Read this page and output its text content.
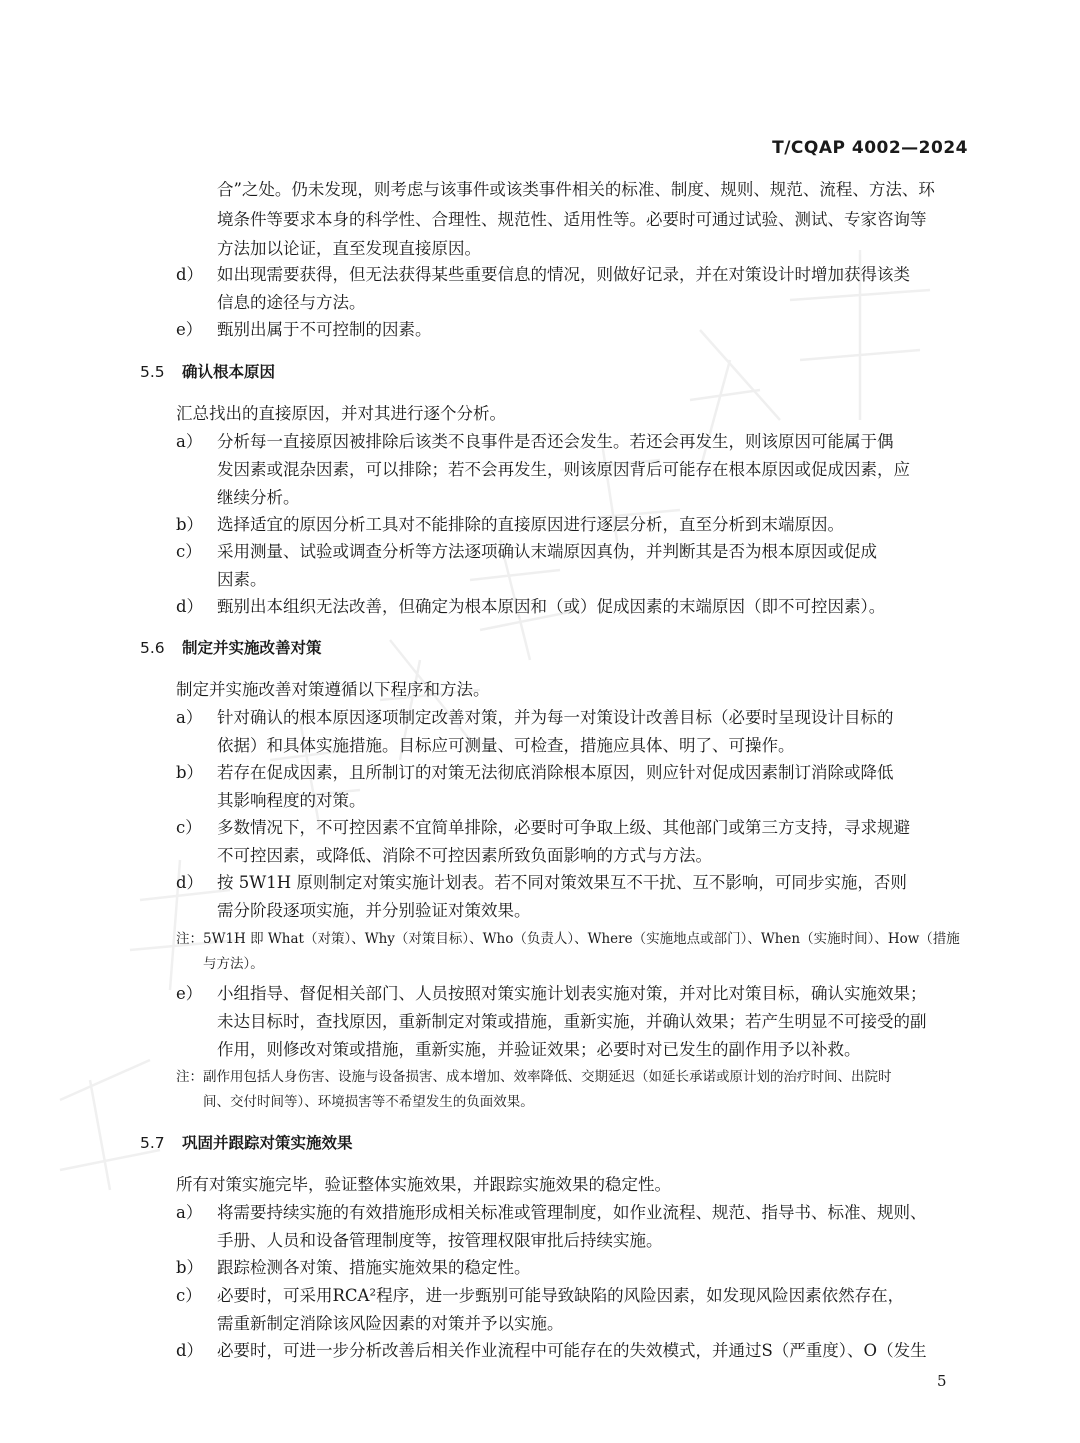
T/CQAP 4002—2024
合”之处。仍未发现，则考虑与该事件或该类事件相关的标准、制度、规则、规范、流程、方法、环
境条件等要求本身的科学性、合理性、规范性、适用性等。必要时可通过试验、测试、专家咨询等
方法加以论证，直至发现直接原因。
d） 如出现需要获得，但无法获得某些重要信息的情况，则做好记录，并在对策设计时增加获得该类
信息的途径与方法。
e） 甄别出属于不可控制的因素。
5.5 确认根本原因
汇总找出的直接原因，并对其进行逐个分析。
a） 分析每一直接原因被排除后该类不良事件是否还会发生。若还会再发生，则该原因可能属于偶
发因素或混杂因素，可以排除；若不会再发生，则该原因背后可能存在根本原因或促成因素，应
继续分析。
b） 选择适宜的原因分析工具对不能排除的直接原因进行逐层分析，直至分析到末端原因。
c） 采用测量、试验或调查分析等方法逐项确认末端原因真伪，并判断其是否为根本原因或促成
因素。
d） 甄别出本组织无法改善，但确定为根本原因和（或）促成因素的末端原因（即不可控因素）。
5.6 制定并实施改善对策
制定并实施改善对策遵循以下程序和方法。
a） 针对确认的根本原因逐项制定改善对策，并为每一对策设计改善目标（必要时呈现设计目标的
依据）和具体实施措施。目标应可测量、可检查，措施应具体、明了、可操作。
b） 若存在促成因素，且所制订的对策无法彻底消除根本原因，则应针对促成因素制订消除或降低
其影响程度的对策。
c） 多数情况下，不可控因素不宜简单排除，必要时可争取上级、其他部门或第三方支持，寻求规避
不可控因素，或降低、消除不可控因素所致负面影响的方式与方法。
d） 按 5W1H 原则制定对策实施计划表。若不同对策效果互不干扰、互不影响，可同步实施，否则
需分阶段逐项实施，并分别验证对策效果。
注：5W1H 即 What（对策）、Why（对策目标）、Who（负责人）、Where（实施地点或部门）、When（实施时间）、How（措施
与方法）。
e） 小组指导、督促相关部门、人员按照对策实施计划表实施对策，并对比对策目标，确认实施效果；
未达目标时，查找原因，重新制定对策或措施，重新实施，并确认效果；若产生明显不可接受的副
作用，则修改对策或措施，重新实施，并验证效果；必要时对已发生的副作用予以补救。
注：副作用包括人身伤害、设施与设备损害、成本增加、效率降低、交期延迟（如延长承诺或原计划的治疗时间、出院时
间、交付时间等）、环境损害等不希望发生的负面效果。
5.7 巩固并跟踪对策实施效果
所有对策实施完毕，验证整体实施效果，并跟踪实施效果的稳定性。
a） 将需要持续实施的有效措施形成相关标准或管理制度，如作业流程、规范、指导书、标准、规则、
手册、人员和设备管理制度等，按管理权限审批后持续实施。
b） 跟踪检测各对策、措施实施效果的稳定性。
c） 必要时，可采用RCA²程序，进一步甄别可能导致缺陷的风险因素，如发现风险因素依然存在，
需重新制定消除该风险因素的对策并予以实施。
d） 必要时，可进一步分析改善后相关作业流程中可能存在的失效模式，并通过S（严重度）、O（发生
5
